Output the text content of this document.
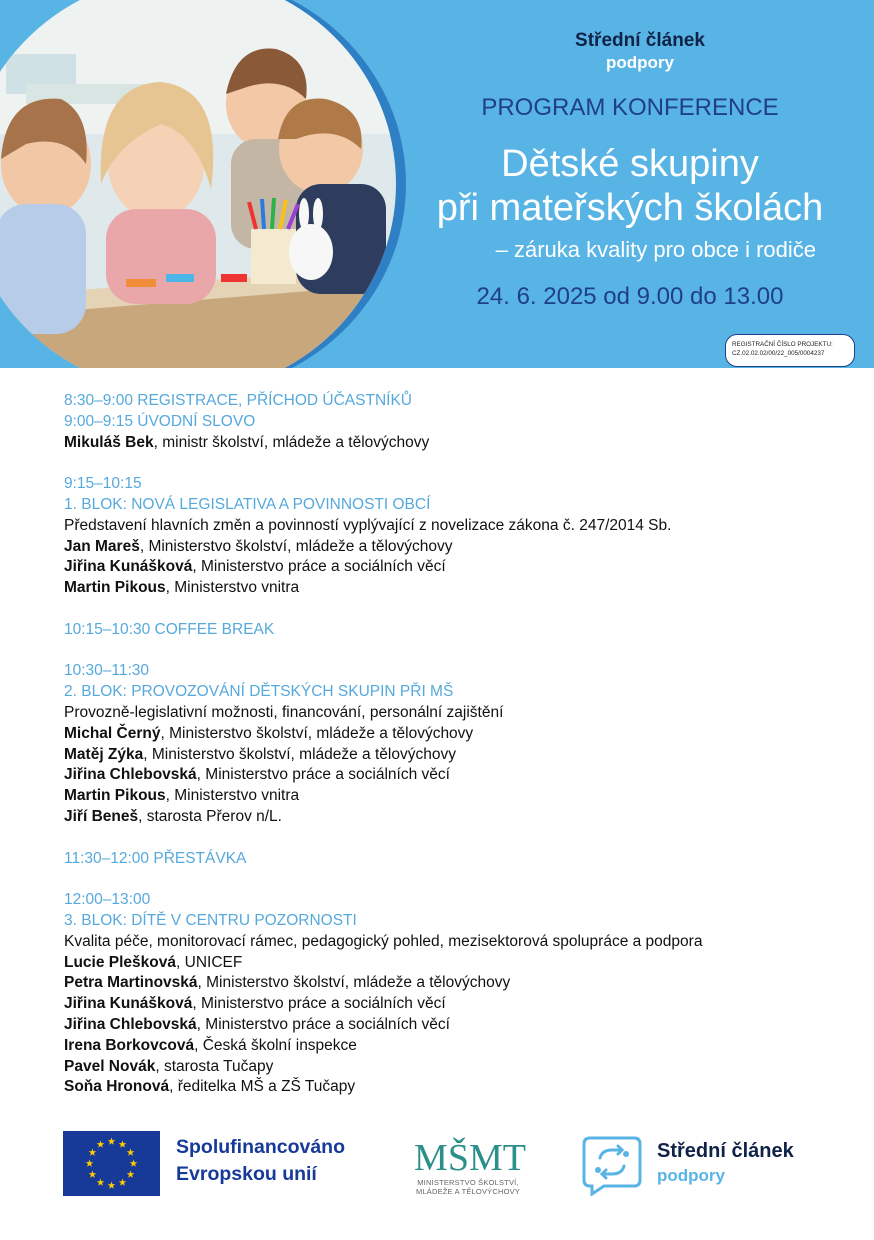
Střední článek
podpory
PROGRAM KONFERENCE
Dětské skupiny
při mateřských školách
– záruka kvality pro obce i rodiče
24. 6. 2025 od 9.00 do 13.00
REGISTRAČNÍ ČÍSLO PROJEKTU:
CZ.02.02.02/00/22_005/0004237
8:30–9:00 REGISTRACE, PŘÍCHOD ÚČASTNÍKŮ
9:00–9:15 ÚVODNÍ SLOVO
Mikuláš Bek, ministr školství, mládeže a tělovýchovy
9:15–10:15
1. BLOK: NOVÁ LEGISLATIVA A POVINNOSTI OBCÍ
Představení hlavních změn a povinností vyplývající z novelizace zákona č. 247/2014 Sb.
Jan Mareš, Ministerstvo školství, mládeže a tělovýchovy
Jiřina Kunášková, Ministerstvo práce a sociálních věcí
Martin Pikous, Ministerstvo vnitra
10:15–10:30 COFFEE BREAK
10:30–11:30
2. BLOK: PROVOZOVÁNÍ DĚTSKÝCH SKUPIN PŘI MŠ
Provozně-legislativní možnosti, financování, personální zajištění
Michal Černý, Ministerstvo školství, mládeže a tělovýchovy
Matěj Zýka, Ministerstvo školství, mládeže a tělovýchovy
Jiřina Chlebovská, Ministerstvo práce a sociálních věcí
Martin Pikous, Ministerstvo vnitra
Jiří Beneš, starosta Přerov n/L.
11:30–12:00 PŘESTÁVKA
12:00–13:00
3. BLOK: DÍTĚ V CENTRU POZORNOSTI
Kvalita péče, monitorovací rámec, pedagogický pohled, mezisektorová spolupráce a podpora
Lucie Plešková, UNICEF
Petra Martinovská, Ministerstvo školství, mládeže a tělovýchovy
Jiřina Kunášková, Ministerstvo práce a sociálních věcí
Jiřina Chlebovská, Ministerstvo práce a sociálních věcí
Irena Borkovcová, Česká školní inspekce
Pavel Novák, starosta Tučapy
Soňa Hronová, ředitelka MŠ a ZŠ Tučapy
Spolufinancováno
Evropskou unií	MŠMT
MINISTERSTVO ŠKOLSTVÍ,
MLÁDEŽE A TĚLOVÝCHOVY
Střední článek
podpory
